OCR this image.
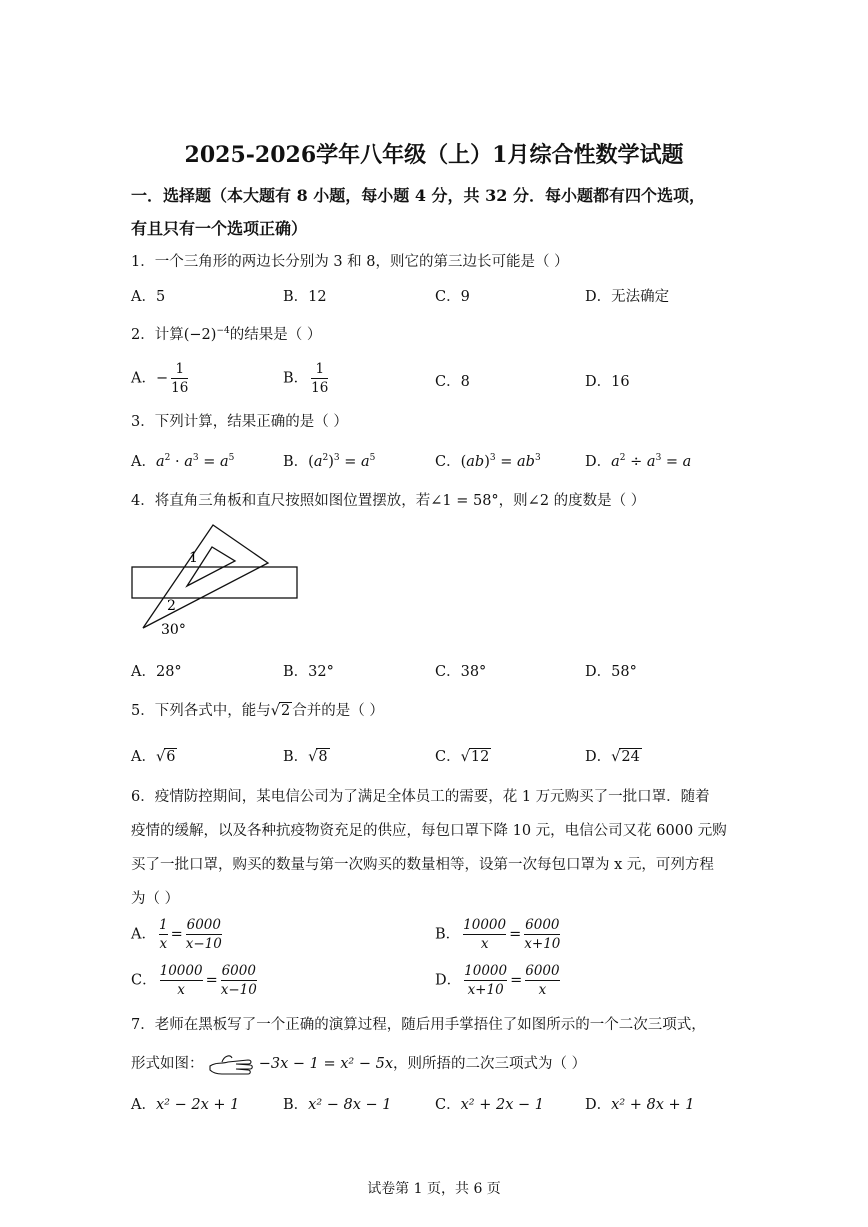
2025-2026学年八年级（上）1月综合性数学试题
一．选择题（本大题有 8 小题，每小题 4 分，共 32 分．每小题都有四个选项，
有且只有一个选项正确）
1．一个三角形的两边长分别为 3 和 8，则它的第三边长可能是（ ）
A．5	B．12	C．9	D．无法确定
2．计算$(-2)^{-4}$的结果是（ ）
A．− $\frac{1}{16}$	B． $\frac{1}{16}$	C．8	D．16
3．下列计算，结果正确的是（ ）
A．$a^2 \cdot a^3 = a^5$	B．$(a^2)^3 = a^5$	C．$(ab)^3 = ab^3$	D．$a^2 \div a^3 = a$
4．将直角三角板和直尺按照如图位置摆放，若∠1 = 58°，则∠2 的度数是（ ）
1
2
30°
A．28°	B．32°	C．38°	D．58°
5．下列各式中，能与√2 合并的是（ ）
A．√6	B．√8	C．√12	D．√24
6．疫情防控期间，某电信公司为了满足全体员工的需要，花 1 万元购买了一批口罩．随着
疫情的缓解，以及各种抗疫物资充足的供应，每包口罩下降 10 元，电信公司又花 6000 元购
买了一批口罩，购买的数量与第一次购买的数量相等，设第一次每包口罩为 x 元，可列方程
为（ ）
A． $\frac{1}{x} = \frac{6000}{x-10}$	B． $\frac{10000}{x} = \frac{6000}{x+10}$
C． $\frac{10000}{x} = \frac{6000}{x-10}$	D． $\frac{10000}{x+10} = \frac{6000}{x}$
7．老师在黑板写了一个正确的演算过程，随后用手掌捂住了如图所示的一个二次三项式，
形式如图：	−3x − 1 = x² − 5x，则所捂的二次三项式为（ ）
A．x² − 2x + 1	B．x² − 8x − 1	C．x² + 2x − 1	D．x² + 8x + 1
试卷第 1 页，共 6 页
